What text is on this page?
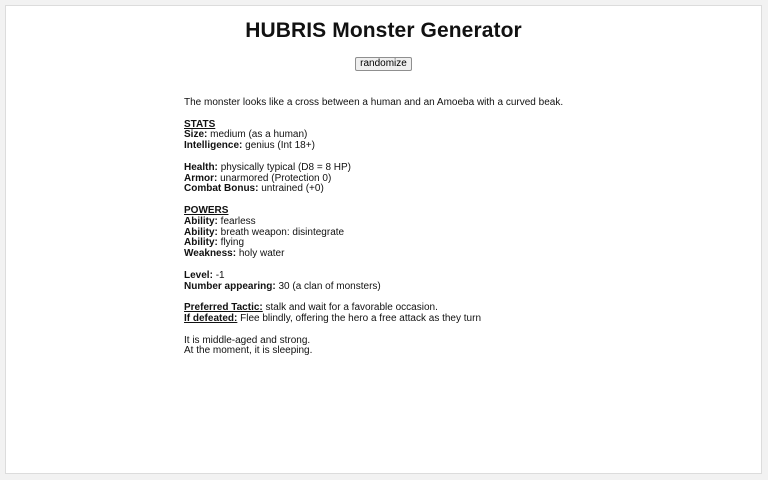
HUBRIS Monster Generator
randomize
The monster looks like a cross between a human and an Amoeba with a curved beak.
STATS
Size: medium (as a human)
Intelligence: genius (Int 18+)
Health: physically typical (D8 = 8 HP)
Armor: unarmored (Protection 0)
Combat Bonus: untrained (+0)
POWERS
Ability: fearless
Ability: breath weapon: disintegrate
Ability: flying
Weakness: holy water
Level: -1
Number appearing: 30 (a clan of monsters)
Preferred Tactic: stalk and wait for a favorable occasion.
If defeated: Flee blindly, offering the hero a free attack as they turn
It is middle-aged and strong.
At the moment, it is sleeping.
